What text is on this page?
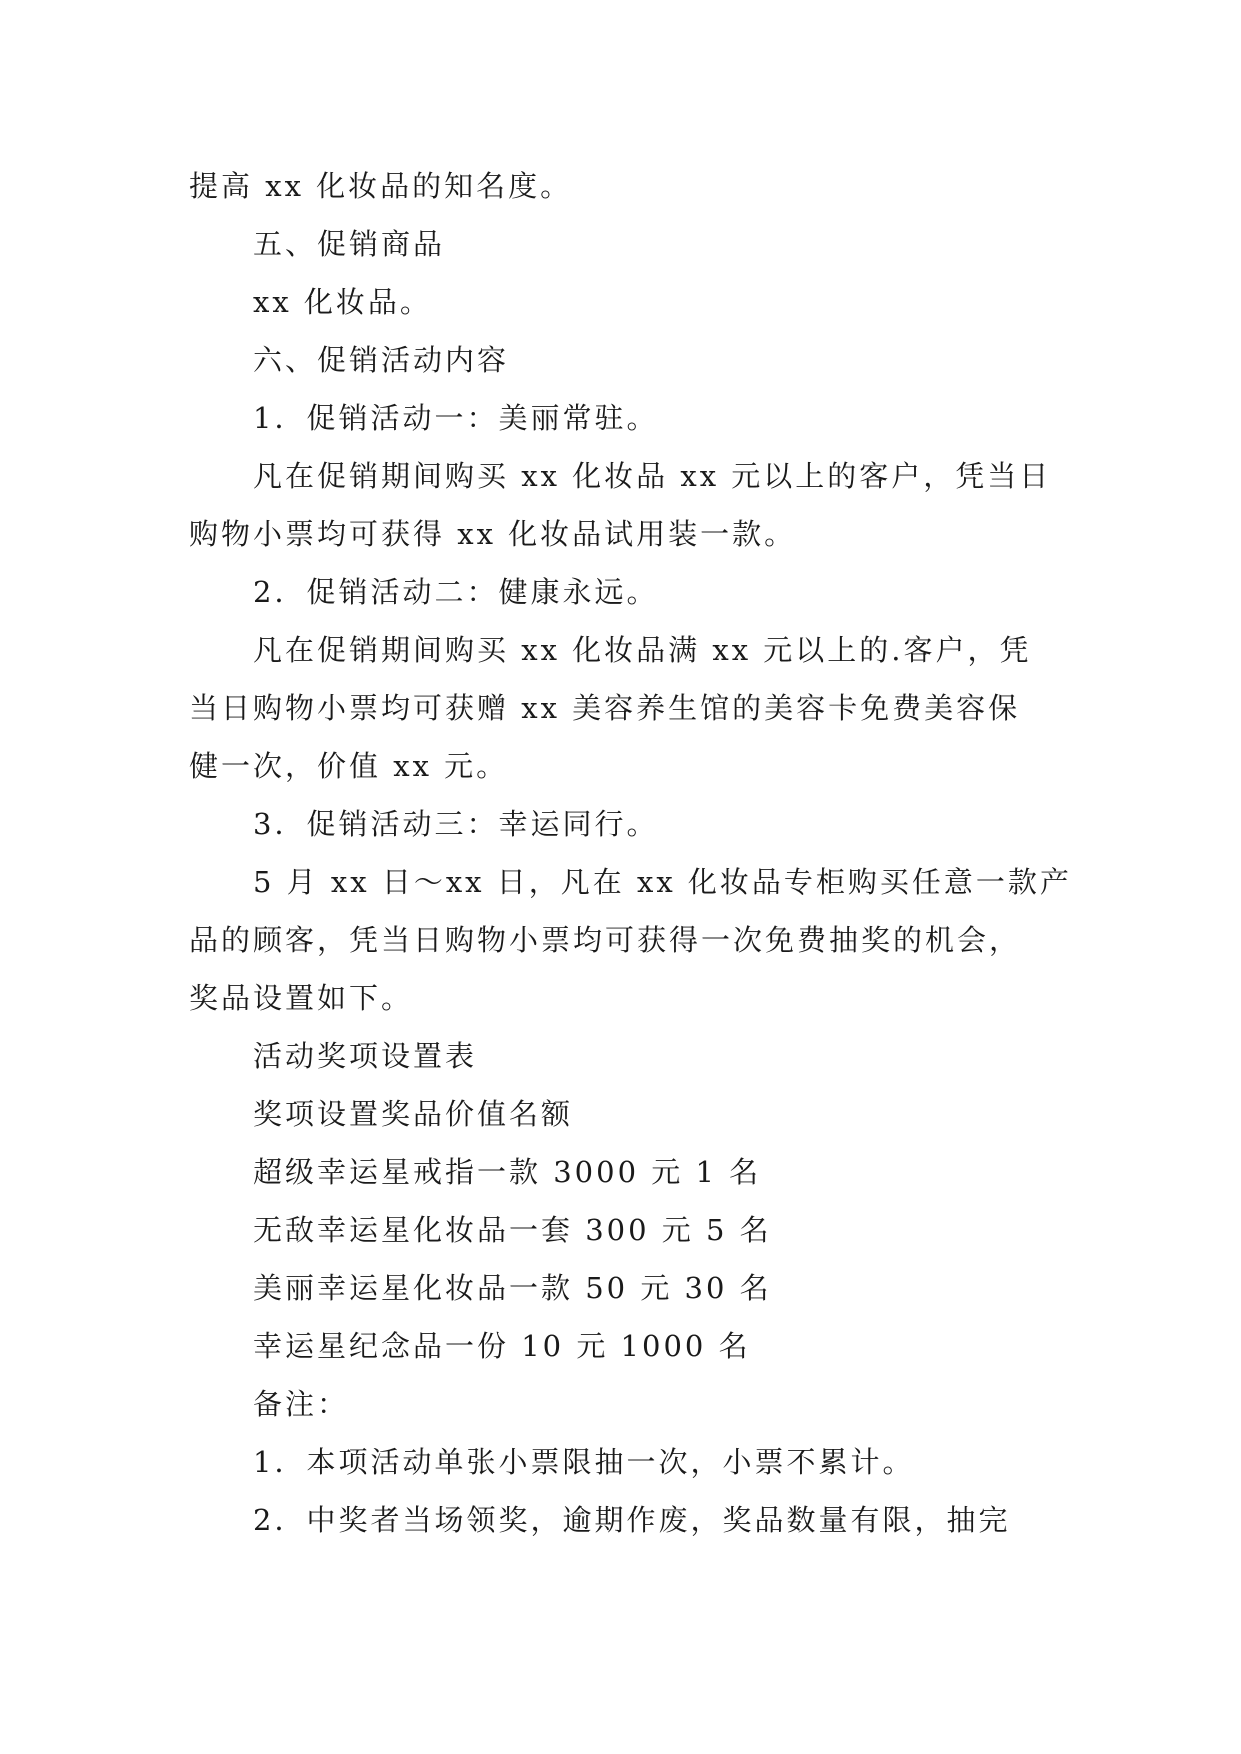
提高 xx 化妆品的知名度。
五、促销商品
xx 化妆品。
六、促销活动内容
1．促销活动一：美丽常驻。
凡在促销期间购买 xx 化妆品 xx 元以上的客户，凭当日
购物小票均可获得 xx 化妆品试用装一款。
2．促销活动二：健康永远。
凡在促销期间购买 xx 化妆品满 xx 元以上的.客户，凭
当日购物小票均可获赠 xx 美容养生馆的美容卡免费美容保
健一次，价值 xx 元。
3．促销活动三：幸运同行。
5 月 xx 日～xx 日，凡在 xx 化妆品专柜购买任意一款产
品的顾客，凭当日购物小票均可获得一次免费抽奖的机会，
奖品设置如下。
活动奖项设置表
奖项设置奖品价值名额
超级幸运星戒指一款 3000 元 1 名
无敌幸运星化妆品一套 300 元 5 名
美丽幸运星化妆品一款 50 元 30 名
幸运星纪念品一份 10 元 1000 名
备注：
1．本项活动单张小票限抽一次，小票不累计。
2．中奖者当场领奖，逾期作废，奖品数量有限，抽完
